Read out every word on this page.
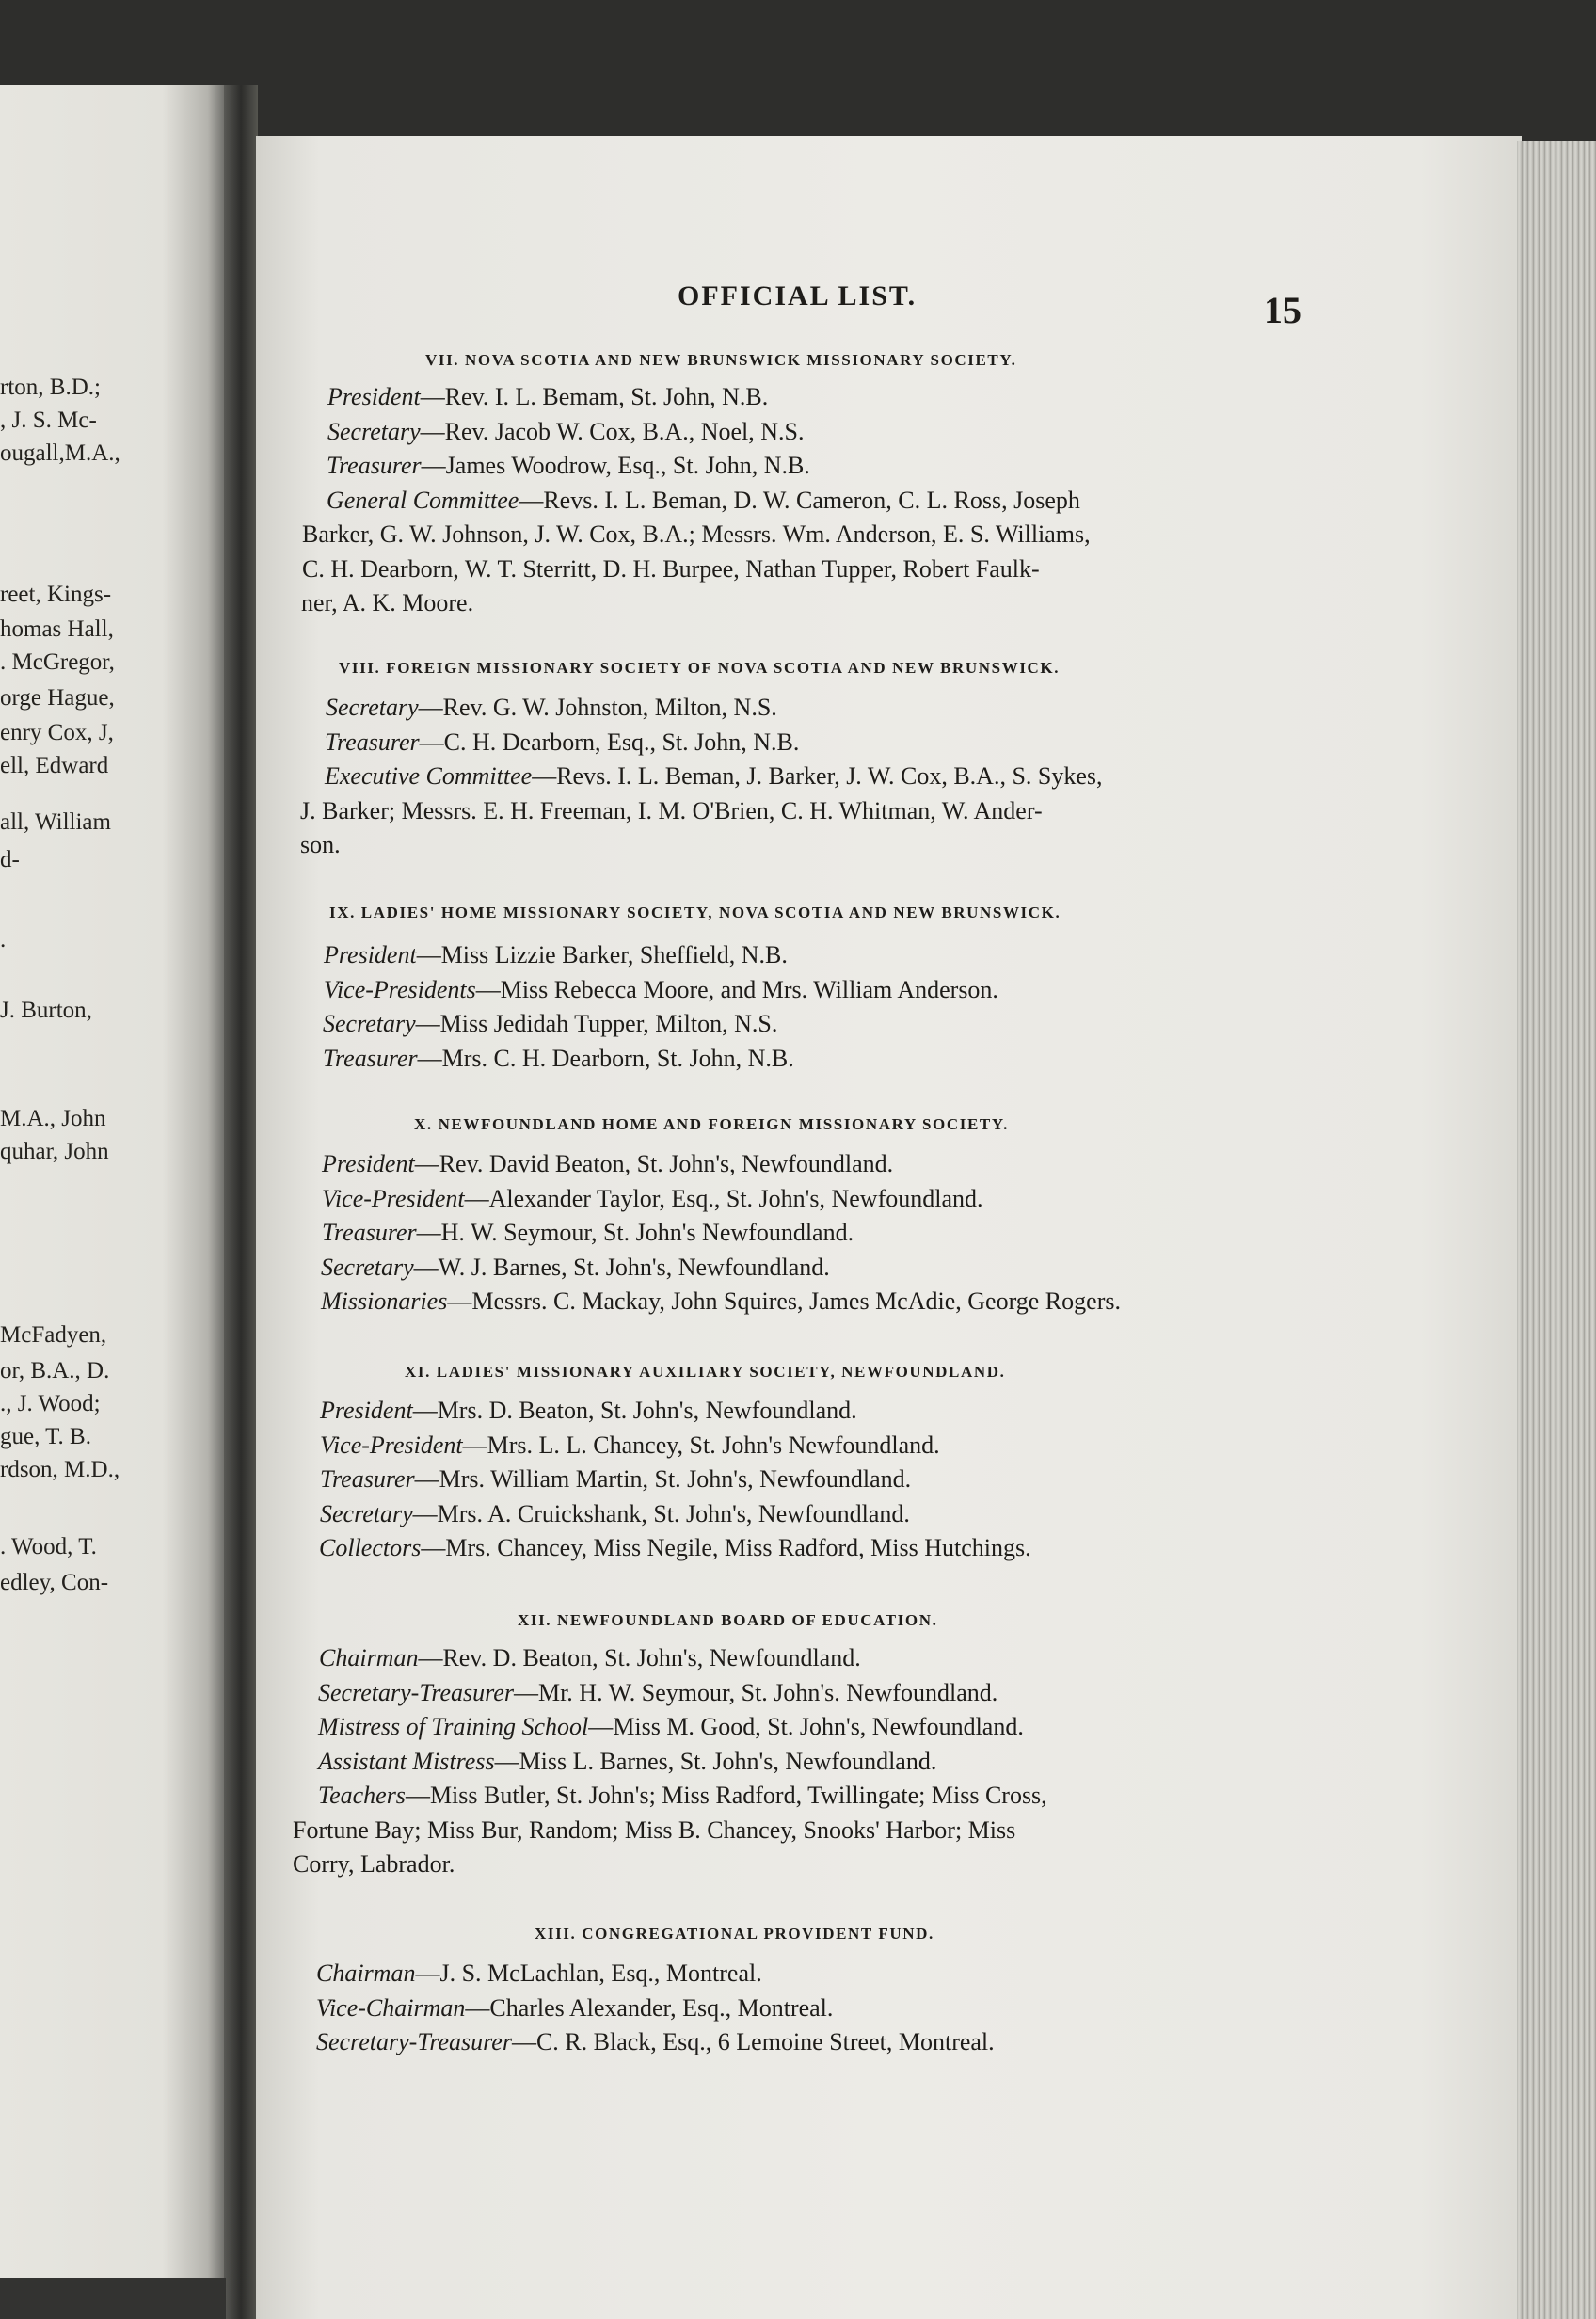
OFFICIAL LIST.	15
rton, B.D.;
, J. S. Mc-
ougall,M.A.,
reet, Kings-
homas Hall,
. McGregor,
orge Hague,
enry Cox, J,
ell, Edward
all, William
d-
.
J. Burton,
M.A., John
quhar, John
McFadyen,
or, B.A., D.
., J. Wood;
gue, T. B.
rdson, M.D.,
. Wood, T.
edley, Con-
VII. NOVA SCOTIA AND NEW BRUNSWICK MISSIONARY SOCIETY.
President—Rev. I. L. Bemam, St. John, N.B.
Secretary—Rev. Jacob W. Cox, B.A., Noel, N.S.
Treasurer—James Woodrow, Esq., St. John, N.B.
General Committee—Revs. I. L. Beman, D. W. Cameron, C. L. Ross, Joseph
Barker, G. W. Johnson, J. W. Cox, B.A.; Messrs. Wm. Anderson, E. S. Williams,
C. H. Dearborn, W. T. Sterritt, D. H. Burpee, Nathan Tupper, Robert Faulk-
ner, A. K. Moore.
VIII. FOREIGN MISSIONARY SOCIETY OF NOVA SCOTIA AND NEW BRUNSWICK.
Secretary—Rev. G. W. Johnston, Milton, N.S.
Treasurer—C. H. Dearborn, Esq., St. John, N.B.
Executive Committee—Revs. I. L. Beman, J. Barker, J. W. Cox, B.A., S. Sykes,
J. Barker; Messrs. E. H. Freeman, I. M. O'Brien, C. H. Whitman, W. Ander-
son.
IX. LADIES' HOME MISSIONARY SOCIETY, NOVA SCOTIA AND NEW BRUNSWICK.
President—Miss Lizzie Barker, Sheffield, N.B.
Vice-Presidents—Miss Rebecca Moore, and Mrs. William Anderson.
Secretary—Miss Jedidah Tupper, Milton, N.S.
Treasurer—Mrs. C. H. Dearborn, St. John, N.B.
X. NEWFOUNDLAND HOME AND FOREIGN MISSIONARY SOCIETY.
President—Rev. David Beaton, St. John's, Newfoundland.
Vice-President—Alexander Taylor, Esq., St. John's, Newfoundland.
Treasurer—H. W. Seymour, St. John's Newfoundland.
Secretary—W. J. Barnes, St. John's, Newfoundland.
Missionaries—Messrs. C. Mackay, John Squires, James McAdie, George Rogers.
XI. LADIES' MISSIONARY AUXILIARY SOCIETY, NEWFOUNDLAND.
President—Mrs. D. Beaton, St. John's, Newfoundland.
Vice-President—Mrs. L. L. Chancey, St. John's Newfoundland.
Treasurer—Mrs. William Martin, St. John's, Newfoundland.
Secretary—Mrs. A. Cruickshank, St. John's, Newfoundland.
Collectors—Mrs. Chancey, Miss Negile, Miss Radford, Miss Hutchings.
XII. NEWFOUNDLAND BOARD OF EDUCATION.
Chairman—Rev. D. Beaton, St. John's, Newfoundland.
Secretary-Treasurer—Mr. H. W. Seymour, St. John's. Newfoundland.
Mistress of Training School—Miss M. Good, St. John's, Newfoundland.
Assistant Mistress—Miss L. Barnes, St. John's, Newfoundland.
Teachers—Miss Butler, St. John's; Miss Radford, Twillingate; Miss Cross,
Fortune Bay; Miss Bur, Random; Miss B. Chancey, Snooks' Harbor; Miss
Corry, Labrador.
XIII. CONGREGATIONAL PROVIDENT FUND.
Chairman—J. S. McLachlan, Esq., Montreal.
Vice-Chairman—Charles Alexander, Esq., Montreal.
Secretary-Treasurer—C. R. Black, Esq., 6 Lemoine Street, Montreal.
